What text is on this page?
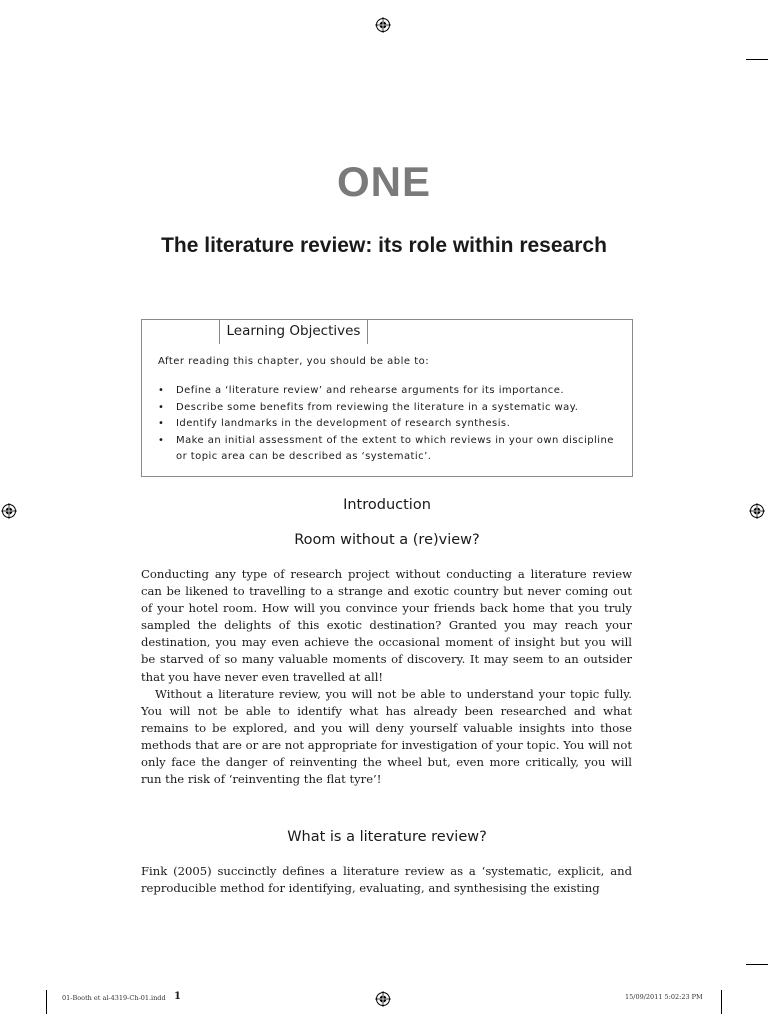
ONE
The literature review: its role within research
Learning Objectives
After reading this chapter, you should be able to:
• Define a ‘literature review’ and rehearse arguments for its importance.
• Describe some benefits from reviewing the literature in a systematic way.
• Identify landmarks in the development of research synthesis.
• Make an initial assessment of the extent to which reviews in your own discipline or topic area can be described as ‘systematic’.
Introduction
Room without a (re)view?

Conducting any type of research project without conducting a literature review can be likened to travelling to a strange and exotic country but never coming out of your hotel room. How will you convince your friends back home that you truly sampled the delights of this exotic destination? Granted you may reach your destination, you may even achieve the occasional moment of insight but you will be starved of so many valuable moments of discovery. It may seem to an outsider that you have never even travelled at all!

Without a literature review, you will not be able to understand your topic fully. You will not be able to identify what has already been researched and what remains to be explored, and you will deny yourself valuable insights into those methods that are or are not appropriate for investigation of your topic. You will not only face the danger of reinventing the wheel but, even more critically, you will run the risk of ‘reinventing the flat tyre’!

What is a literature review?

Fink (2005) succinctly defines a literature review as a ‘systematic, explicit, and reproducible method for identifying, evaluating, and synthesising the existing

01-Booth et al-4319-Ch-01.indd 1	15/09/2011 5:02:23 PM
